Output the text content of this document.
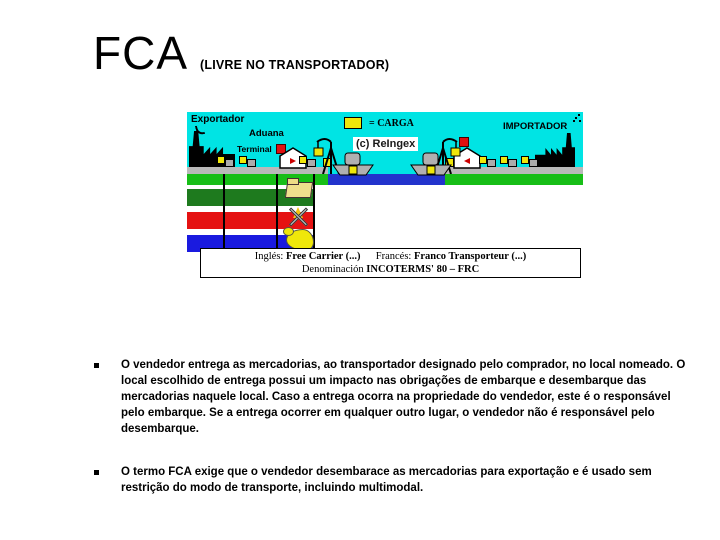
FCA (LIVRE NO TRANSPORTADOR)
Exportador
Aduana
Terminal
= CARGA
(c) ReIngex
IMPORTADOR
Inglés: Free Carrier (...) Francés: Franco Transporteur (...)
Denominación INCOTERMS' 80 – FRC
O vendedor entrega as mercadorias, ao transportador designado pelo comprador, no local nomeado. O local escolhido de entrega possui um impacto nas obrigações de embarque e desembarque das mercadorias naquele local. Caso a entrega ocorra na propriedade do vendedor, este é o responsável pelo embarque. Se a entrega ocorrer em qualquer outro lugar, o vendedor não é responsável pelo desembarque.
O termo FCA exige que o vendedor desembarace as mercadorias para exportação e é usado sem restrição do modo de transporte, incluindo multimodal.
